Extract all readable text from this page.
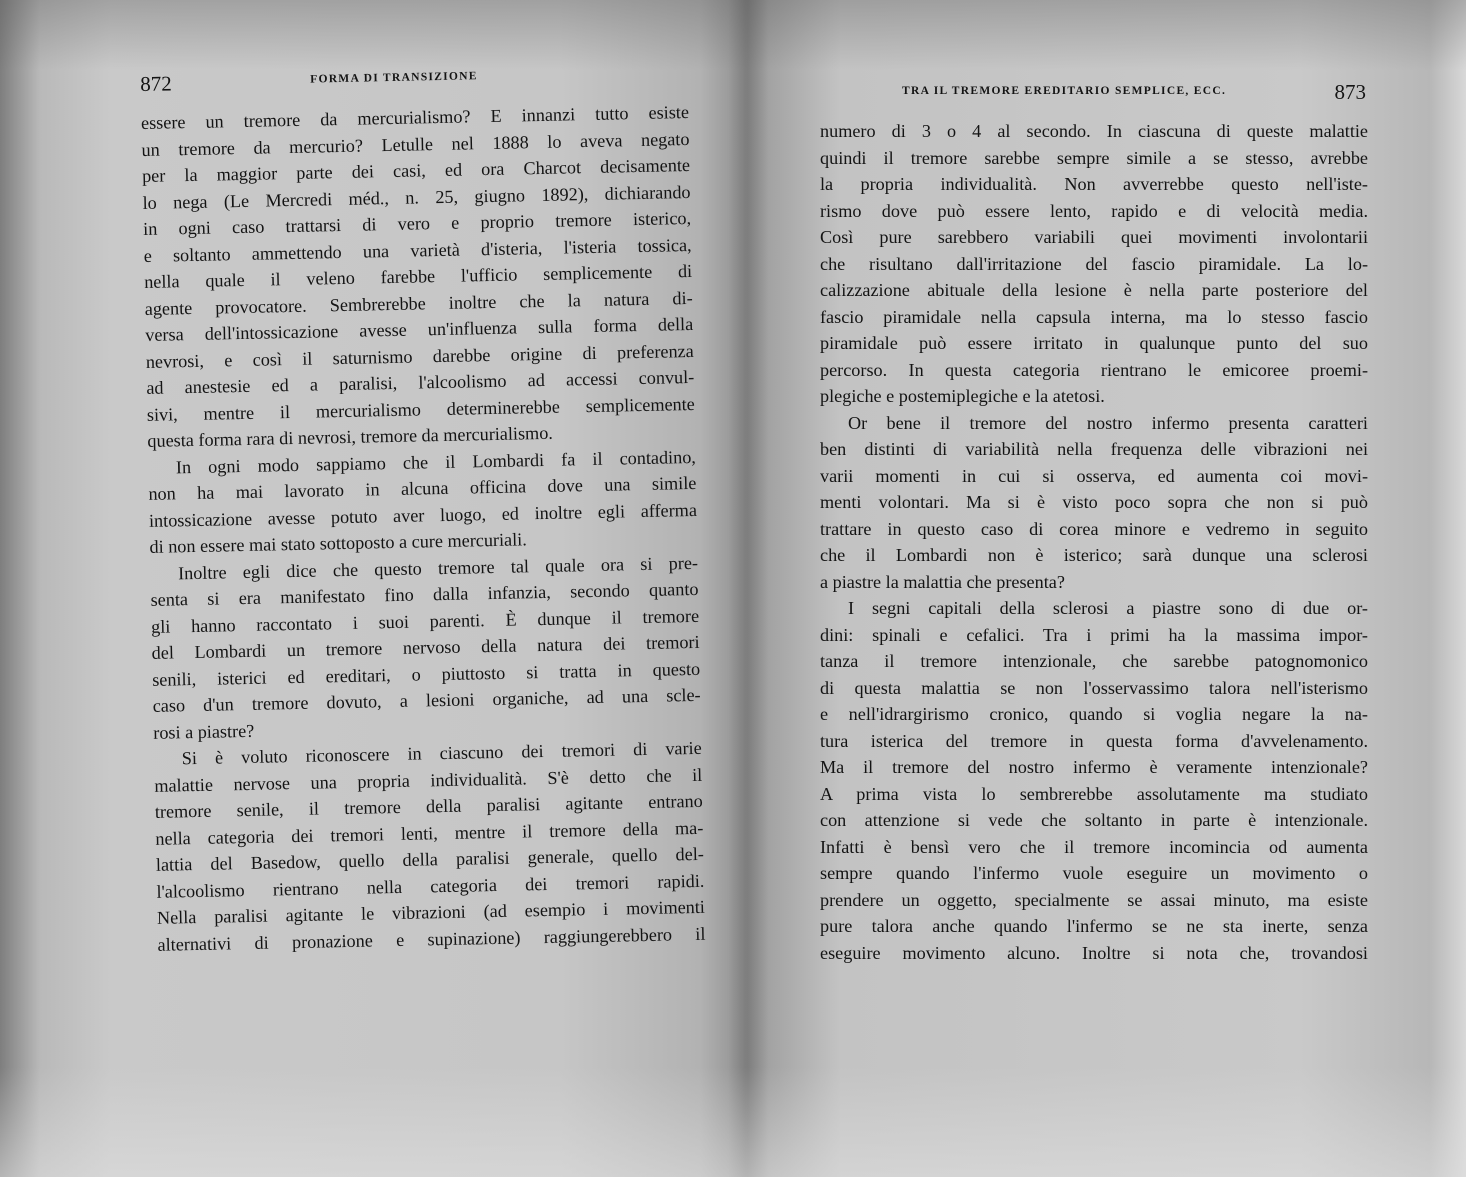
872	FORMA DI TRANSIZIONE
essere un tremore da mercurialismo? E innanzi tutto esiste
un tremore da mercurio? Letulle nel 1888 lo aveva negato
per la maggior parte dei casi, ed ora Charcot decisamente
lo nega (Le Mercredi méd., n. 25, giugno 1892), dichiarando
in ogni caso trattarsi di vero e proprio tremore isterico,
e soltanto ammettendo una varietà d'isteria, l'isteria tossica,
nella quale il veleno farebbe l'ufficio semplicemente di
agente provocatore. Sembrerebbe inoltre che la natura di-
versa dell'intossicazione avesse un'influenza sulla forma della
nevrosi, e così il saturnismo darebbe origine di preferenza
ad anestesie ed a paralisi, l'alcoolismo ad accessi convul-
sivi, mentre il mercurialismo determinerebbe semplicemente
questa forma rara di nevrosi, tremore da mercurialismo.
In ogni modo sappiamo che il Lombardi fa il contadino,
non ha mai lavorato in alcuna officina dove una simile
intossicazione avesse potuto aver luogo, ed inoltre egli afferma
di non essere mai stato sottoposto a cure mercuriali.
Inoltre egli dice che questo tremore tal quale ora si pre-
senta si era manifestato fino dalla infanzia, secondo quanto
gli hanno raccontato i suoi parenti. È dunque il tremore
del Lombardi un tremore nervoso della natura dei tremori
senili, isterici ed ereditari, o piuttosto si tratta in questo
caso d'un tremore dovuto, a lesioni organiche, ad una scle-
rosi a piastre?
Si è voluto riconoscere in ciascuno dei tremori di varie
malattie nervose una propria individualità. S'è detto che il
tremore senile, il tremore della paralisi agitante entrano
nella categoria dei tremori lenti, mentre il tremore della ma-
lattia del Basedow, quello della paralisi generale, quello del-
l'alcoolismo rientrano nella categoria dei tremori rapidi.
Nella paralisi agitante le vibrazioni (ad esempio i movimenti
alternativi di pronazione e supinazione) raggiungerebbero il
TRA IL TREMORE EREDITARIO SEMPLICE, ECC.	873
numero di 3 o 4 al secondo. In ciascuna di queste malattie
quindi il tremore sarebbe sempre simile a se stesso, avrebbe
la propria individualità. Non avverrebbe questo nell'iste-
rismo dove può essere lento, rapido e di velocità media.
Così pure sarebbero variabili quei movimenti involontarii
che risultano dall'irritazione del fascio piramidale. La lo-
calizzazione abituale della lesione è nella parte posteriore del
fascio piramidale nella capsula interna, ma lo stesso fascio
piramidale può essere irritato in qualunque punto del suo
percorso. In questa categoria rientrano le emicoree proemi-
plegiche e postemiplegiche e la atetosi.
Or bene il tremore del nostro infermo presenta caratteri
ben distinti di variabilità nella frequenza delle vibrazioni nei
varii momenti in cui si osserva, ed aumenta coi movi-
menti volontari. Ma si è visto poco sopra che non si può
trattare in questo caso di corea minore e vedremo in seguito
che il Lombardi non è isterico; sarà dunque una sclerosi
a piastre la malattia che presenta?
I segni capitali della sclerosi a piastre sono di due or-
dini: spinali e cefalici. Tra i primi ha la massima impor-
tanza il tremore intenzionale, che sarebbe patognomonico
di questa malattia se non l'osservassimo talora nell'isterismo
e nell'idrargirismo cronico, quando si voglia negare la na-
tura isterica del tremore in questa forma d'avvelenamento.
Ma il tremore del nostro infermo è veramente intenzionale?
A prima vista lo sembrerebbe assolutamente ma studiato
con attenzione si vede che soltanto in parte è intenzionale.
Infatti è bensì vero che il tremore incomincia od aumenta
sempre quando l'infermo vuole eseguire un movimento o
prendere un oggetto, specialmente se assai minuto, ma esiste
pure talora anche quando l'infermo se ne sta inerte, senza
eseguire movimento alcuno. Inoltre si nota che, trovandosi
